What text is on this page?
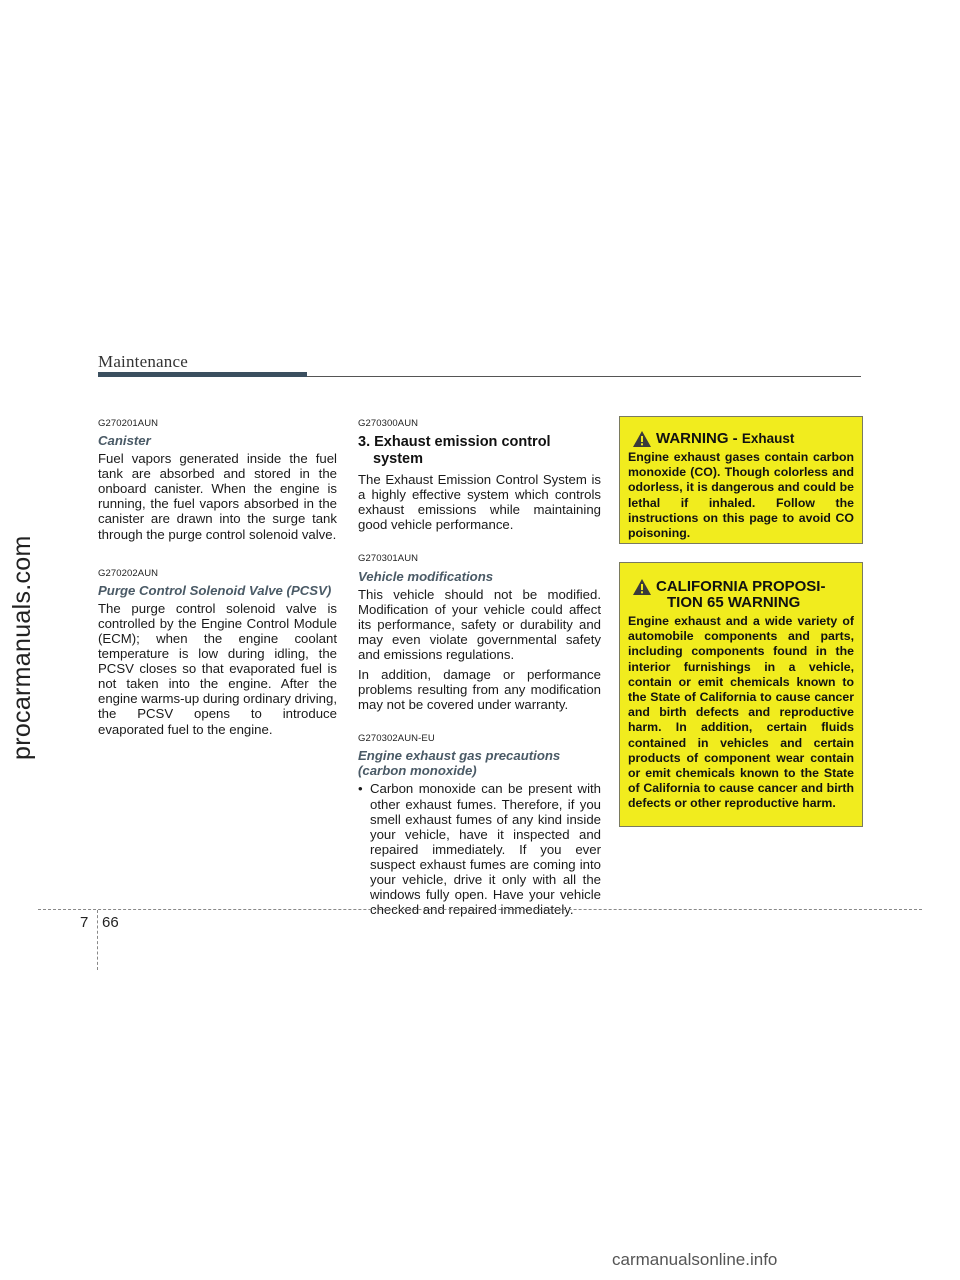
Maintenance
G270201AUN
Canister

Fuel vapors generated inside the fuel tank are absorbed and stored in the onboard canister. When the engine is running, the fuel vapors absorbed in the canister are drawn into the surge tank through the purge control solenoid valve.

G270202AUN
Purge Control Solenoid Valve (PCSV)

The purge control solenoid valve is controlled by the Engine Control Module (ECM); when the engine coolant temperature is low during idling, the PCSV closes so that evaporated fuel is not taken into the engine. After the engine warms-up during ordinary driving, the PCSV opens to introduce evaporated fuel to the engine.

G270300AUN
3. Exhaust emission control system

The Exhaust Emission Control System is a highly effective system which controls exhaust emissions while maintaining good vehicle performance.

G270301AUN
Vehicle modifications

This vehicle should not be modified. Modification of your vehicle could affect its performance, safety or durability and may even violate governmental safety and emissions regulations.

In addition, damage or performance problems resulting from any modification may not be covered under warranty.

G270302AUN-EU
Engine exhaust gas precautions (carbon monoxide)
• Carbon monoxide can be present with other exhaust fumes. Therefore, if you smell exhaust fumes of any kind inside your vehicle, have it inspected and repaired immediately. If you ever suspect exhaust fumes are coming into your vehicle, drive it only with all the windows fully open. Have your vehicle checked and repaired immediately.
WARNING - Exhaust
Engine exhaust gases contain carbon monoxide (CO). Though colorless and odorless, it is dangerous and could be lethal if inhaled. Follow the instructions on this page to avoid CO poisoning.
CALIFORNIA PROPOSI-
TION 65 WARNING
Engine exhaust and a wide variety of automobile components and parts, including components found in the interior furnishings in a vehicle, contain or emit chemicals known to the State of California to cause cancer and birth defects and reproductive harm. In addition, certain fluids contained in vehicles and certain products of component wear contain or emit chemicals known to the State of California to cause cancer and birth defects or other reproductive harm.
7 66
procarmanuals.com
carmanualsonline.info
